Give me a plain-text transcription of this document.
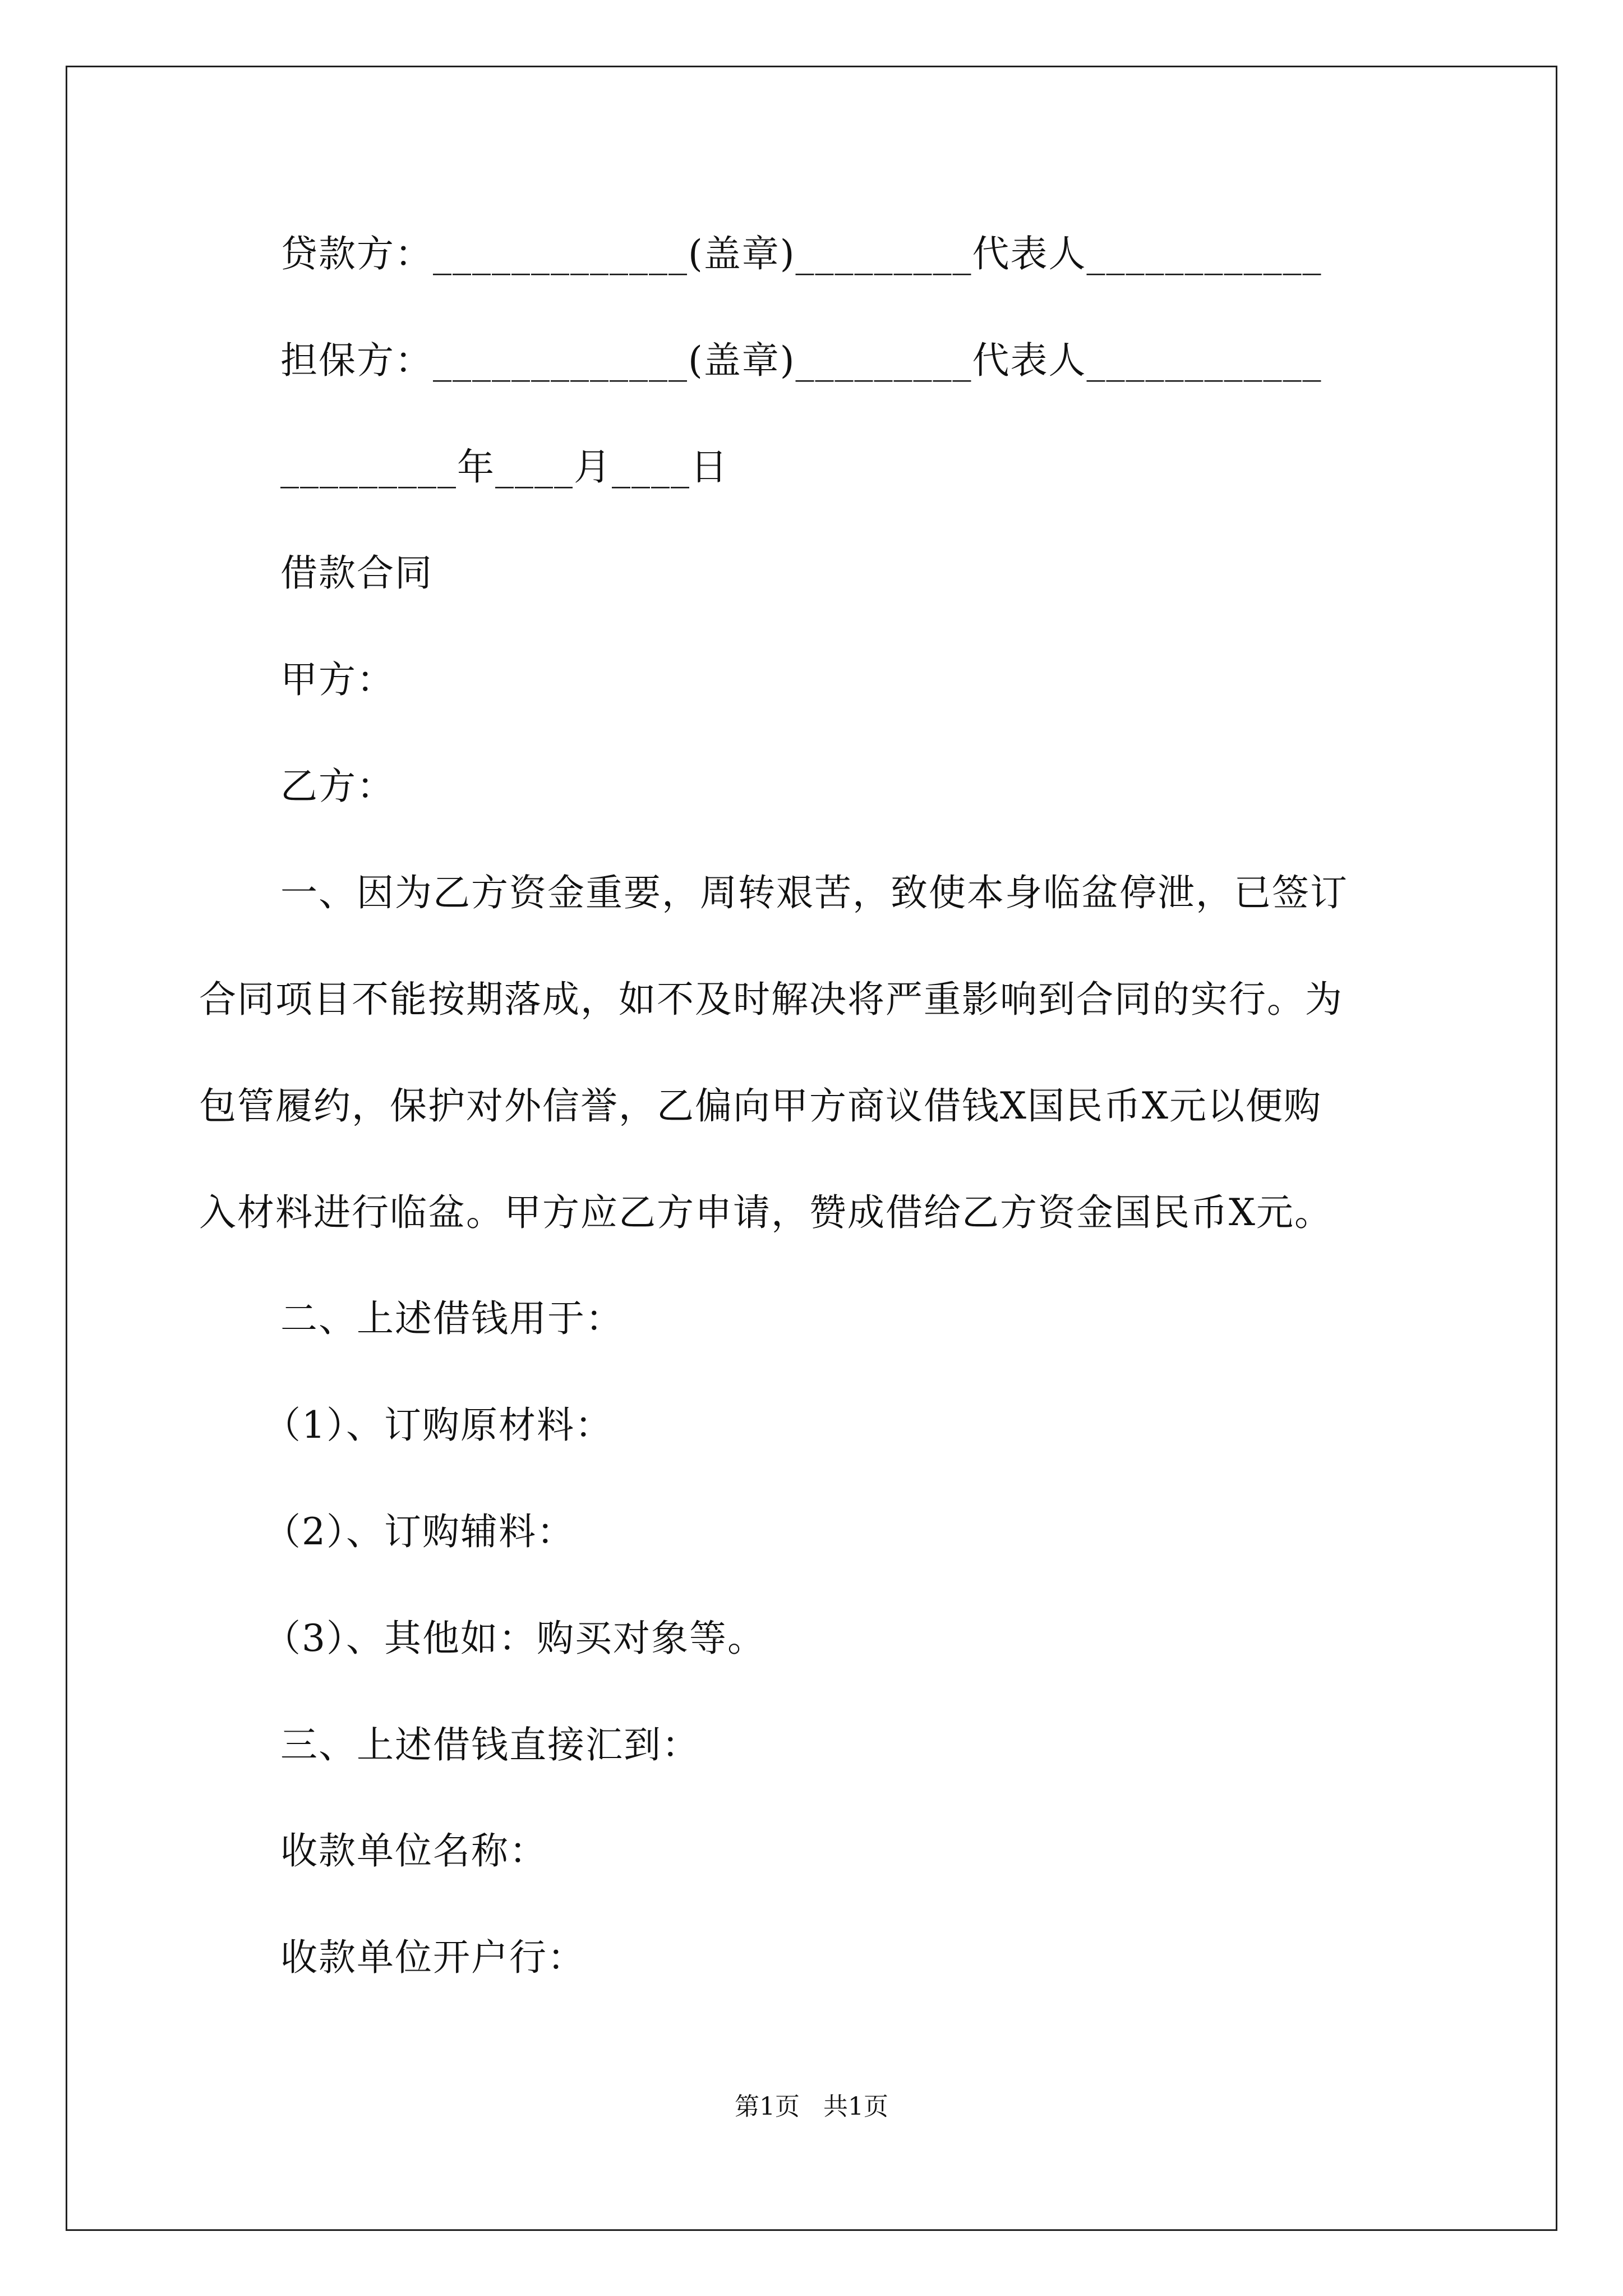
贷款方：_____________(盖章)_________代表人____________
担保方：_____________(盖章)_________代表人____________
_________年____月____日
借款合同
甲方：
乙方：
一、因为乙方资金重要，周转艰苦，致使本身临盆停泄，已签订
合同项目不能按期落成，如不及时解决将严重影响到合同的实行。为
包管履约，保护对外信誉，乙偏向甲方商议借钱X国民币X元以便购
入材料进行临盆。甲方应乙方申请，赞成借给乙方资金国民币X元。
二、上述借钱用于：
（1）、订购原材料：
（2）、订购辅料：
（3）、其他如：购买对象等。
三、上述借钱直接汇到：
收款单位名称：
收款单位开户行：
第1页   共1页
